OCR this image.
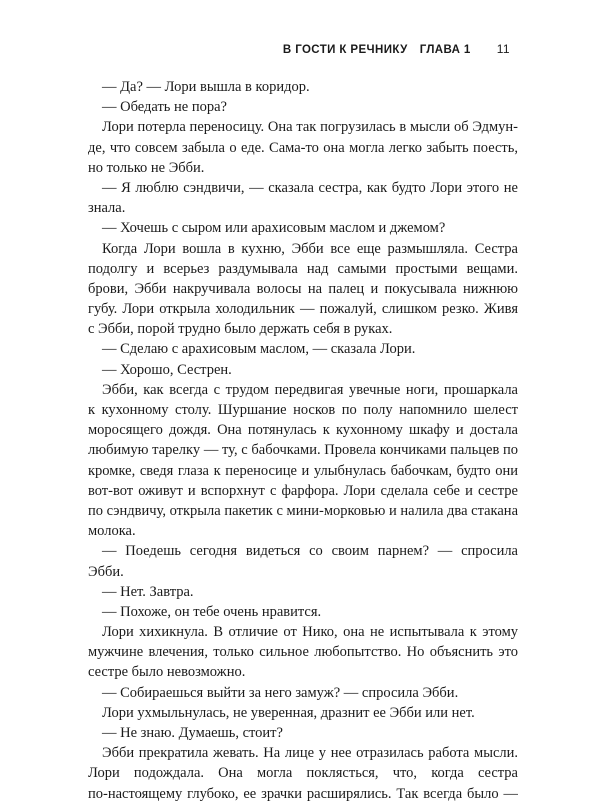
В ГОСТИ К РЕЧНИКУ ГЛАВА 1 11
— Да? — Лори вышла в коридор.
— Обедать не пора?
Лори потерла переносицу. Она так погрузилась в мысли об Эдмун-
де, что совсем забыла о еде. Сама-то она могла легко забыть поесть,
но только не Эбби.
— Я люблю сэндвичи, — сказала сестра, как будто Лори этого не
знала.
— Хочешь с сыром или арахисовым маслом и джемом?
Когда Лори вошла в кухню, Эбби все еще размышляла. Сестра
подолгу и всерьез раздумывала над самыми простыми вещами.
брови, Эбби накручивала волосы на палец и покусывала нижнюю
губу. Лори открыла холодильник — пожалуй, слишком резко. Живя
с Эбби, порой трудно было держать себя в руках.
— Сделаю с арахисовым маслом, — сказала Лори.
— Хорошо, Сестрен.
Эбби, как всегда с трудом передвигая увечные ноги, прошаркала
к кухонному столу. Шуршание носков по полу напомнило шелест
моросящего дождя. Она потянулась к кухонному шкафу и достала
любимую тарелку — ту, с бабочками. Провела кончиками пальцев по
кромке, сведя глаза к переносице и улыбнулась бабочкам, будто они
вот-вот оживут и вспорхнут с фарфора. Лори сделала себе и сестре
по сэндвичу, открыла пакетик с мини-морковью и налила два стакана
молока.
— Поедешь сегодня видеться со своим парнем? — спросила
Эбби.
— Нет. Завтра.
— Похоже, он тебе очень нравится.
Лори хихикнула. В отличие от Нико, она не испытывала к этому
мужчине влечения, только сильное любопытство. Но объяснить это
сестре было невозможно.
— Собираешься выйти за него замуж? — спросила Эбби.
Лори ухмыльнулась, не уверенная, дразнит ее Эбби или нет.
— Не знаю. Думаешь, стоит?
Эбби прекратила жевать. На лице у нее отразилась работа мысли.
Лори подождала. Она могла поклясться, что, когда сестра
по-настоящему глубоко, ее зрачки расширялись. Так всегда было —
